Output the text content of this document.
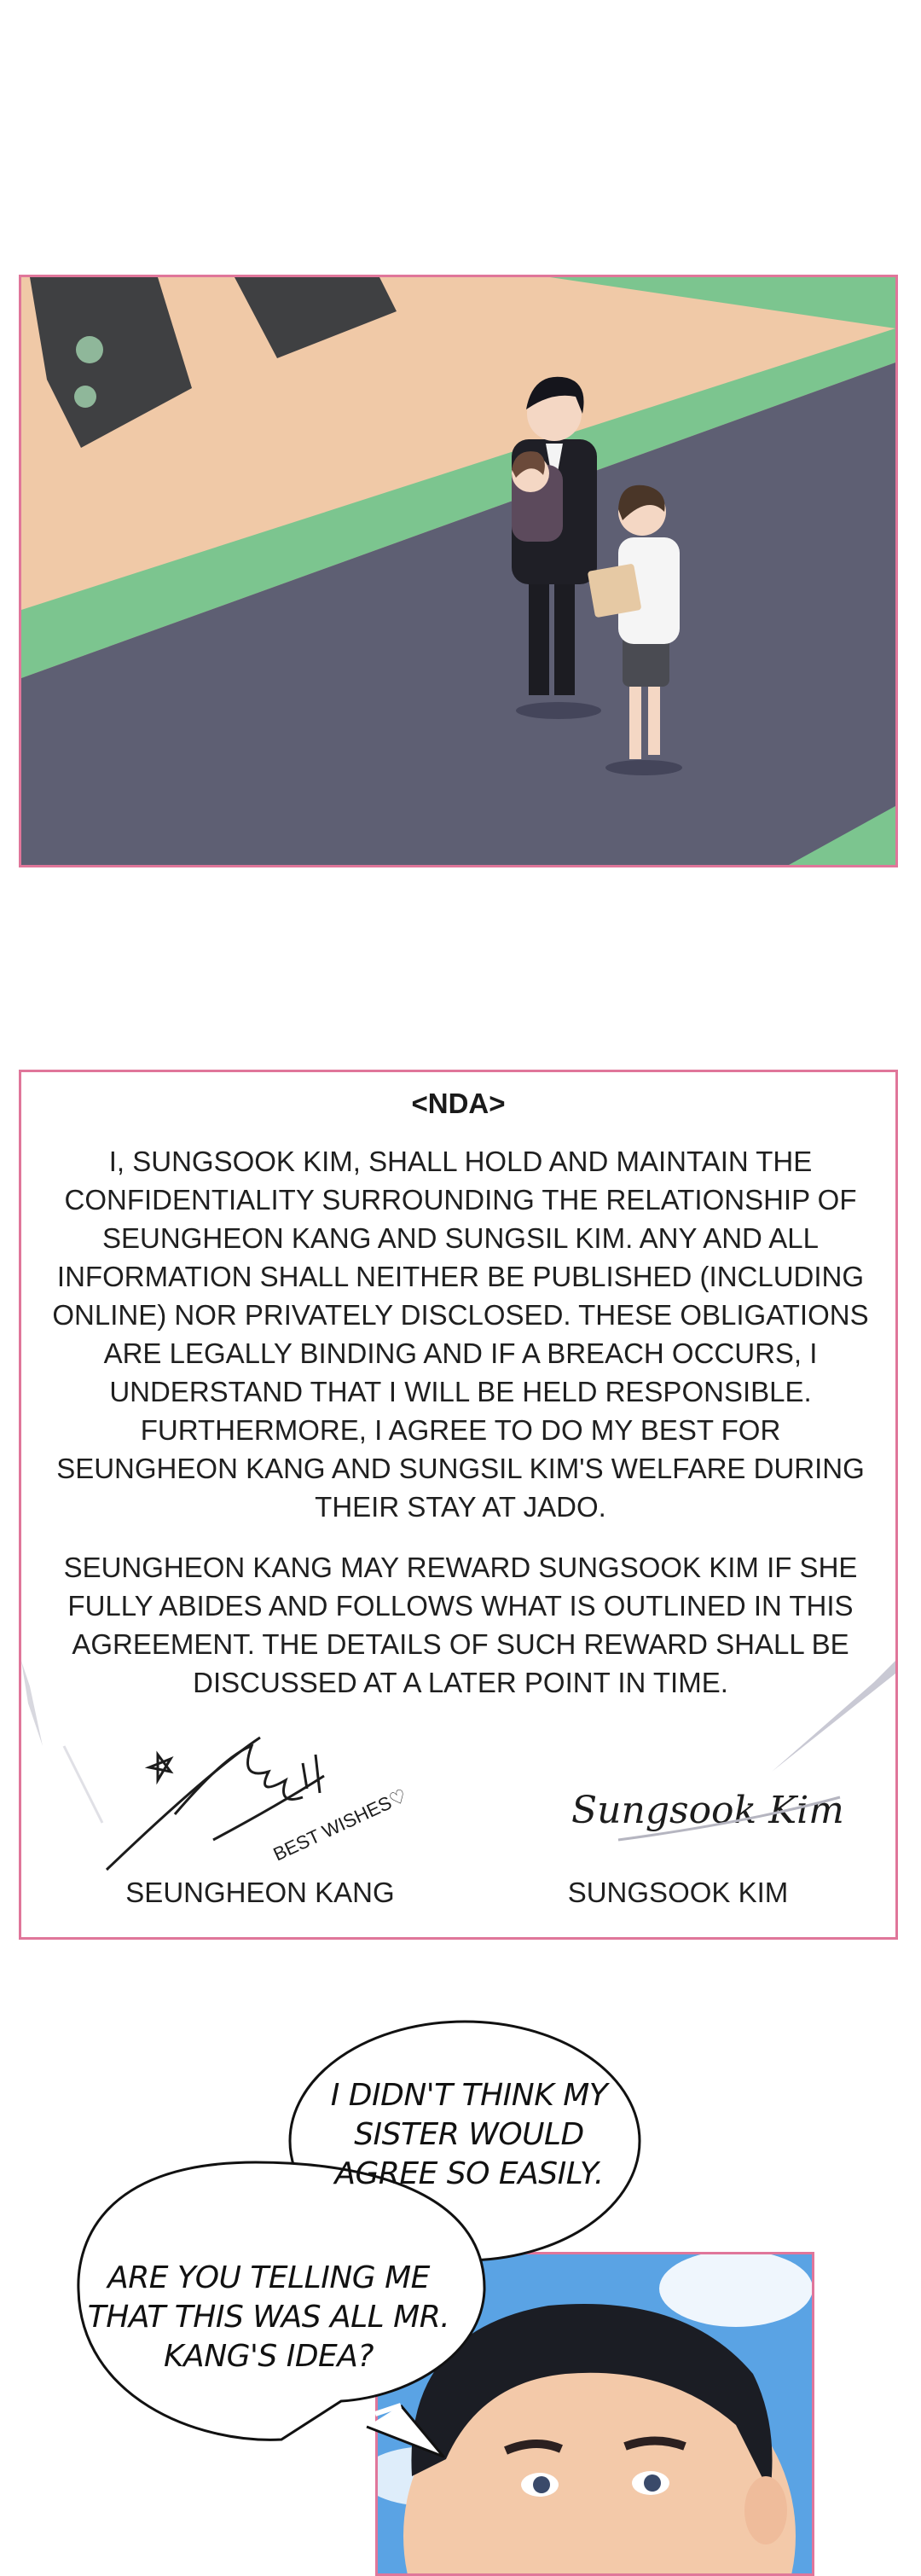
BEST WISHES♡	Sungsook Kim
<NDA>
I, SUNGSOOK KIM, SHALL HOLD AND MAINTAIN THE CONFIDENTIALITY SURROUNDING THE RELATIONSHIP OF SEUNGHEON KANG AND SUNGSIL KIM. ANY AND ALL INFORMATION SHALL NEITHER BE PUBLISHED (INCLUDING ONLINE) NOR PRIVATELY DISCLOSED. THESE OBLIGATIONS ARE LEGALLY BINDING AND IF A BREACH OCCURS, I UNDERSTAND THAT I WILL BE HELD RESPONSIBLE. FURTHERMORE, I AGREE TO DO MY BEST FOR SEUNGHEON KANG AND SUNGSIL KIM'S WELFARE DURING THEIR STAY AT JADO.
SEUNGHEON KANG MAY REWARD SUNGSOOK KIM IF SHE FULLY ABIDES AND FOLLOWS WHAT IS OUTLINED IN THIS AGREEMENT. THE DETAILS OF SUCH REWARD SHALL BE DISCUSSED AT A LATER POINT IN TIME.
SEUNGHEON KANG	SUNGSOOK KIM
I DIDN'T THINK MY SISTER WOULD AGREE SO EASILY.
ARE YOU TELLING ME THAT THIS WAS ALL MR. KANG'S IDEA?
